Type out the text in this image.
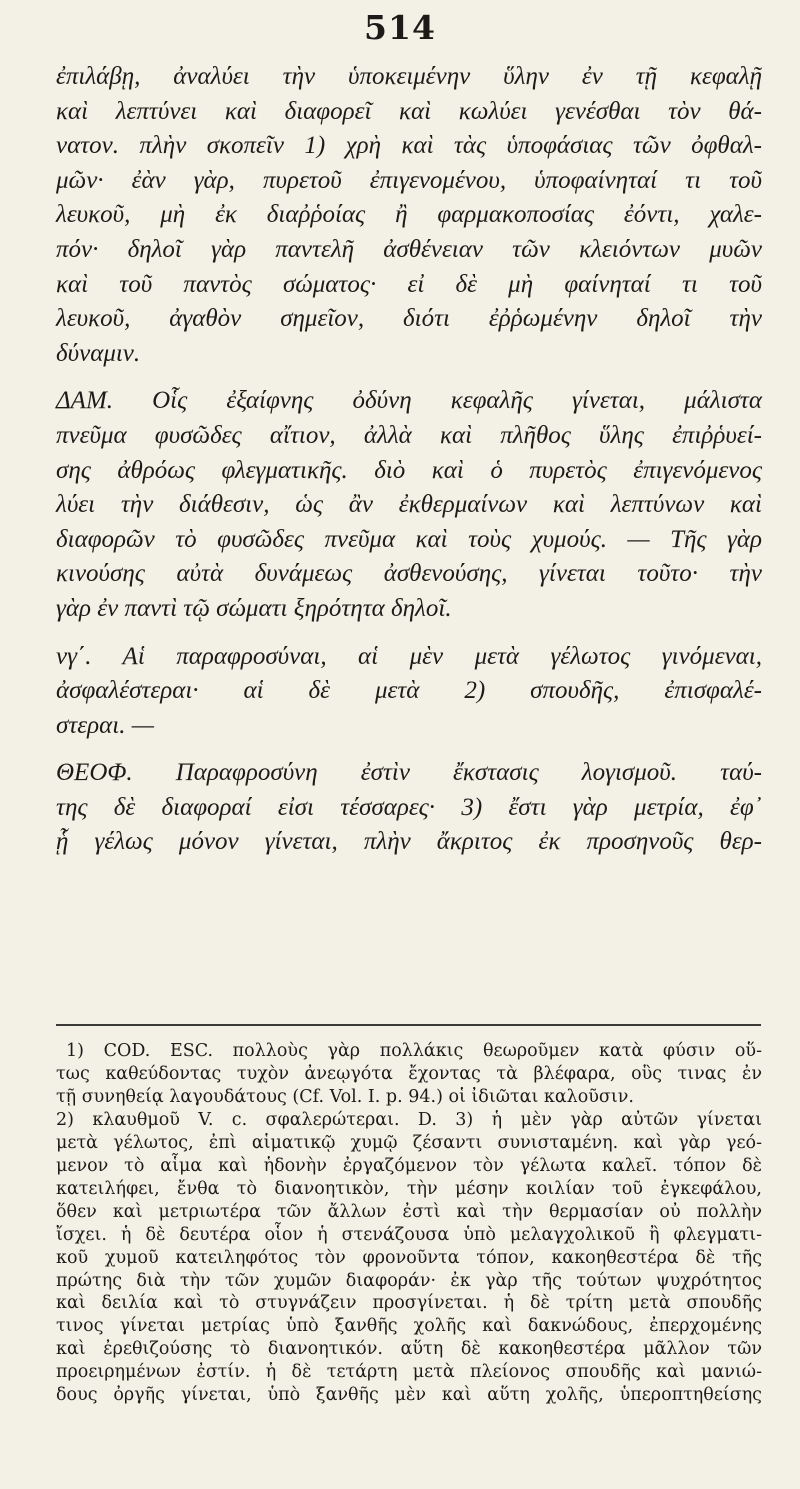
514

ἐπιλάβῃ, ἀναλύει τὴν ὑποκειμένην ὕλην ἐν τῇ κεφαλῇ

καὶ λεπτύνει καὶ διαφορεῖ καὶ κωλύει γενέσθαι τὸν θά-

νατον. πλὴν σκοπεῖν 1) χρὴ καὶ τὰς ὑποφάσιας τῶν ὀφθαλ-

μῶν· ἐὰν γὰρ, πυρετοῦ ἐπιγενομένου, ὑποφαίνηταί τι τοῦ

λευκοῦ, μὴ ἐκ διαῤῥοίας ἢ φαρμακοποσίας ἐόντι, χαλε-

πόν· δηλοῖ γὰρ παντελῆ ἀσθένειαν τῶν κλειόντων μυῶν

καὶ τοῦ παντὸς σώματος· εἰ δὲ μὴ φαίνηταί τι τοῦ

λευκοῦ, ἀγαθὸν σημεῖον, διότι ἐῤῥωμένην δηλοῖ τὴν

δύναμιν.

ΔΑΜ. Οἷς ἐξαίφνης ὀδύνη κεφαλῆς γίνεται, μάλιστα

πνεῦμα φυσῶδες αἴτιον, ἀλλὰ καὶ πλῆθος ὕλης ἐπιῤῥυεί-

σης ἀθρόως φλεγματικῆς. διὸ καὶ ὁ πυρετὸς ἐπιγενόμενος

λύει τὴν διάθεσιν, ὡς ἂν ἐκθερμαίνων καὶ λεπτύνων καὶ

διαφορῶν τὸ φυσῶδες πνεῦμα καὶ τοὺς χυμούς. — Τῆς γὰρ

κινούσης αὐτὰ δυνάμεως ἀσθενούσης, γίνεται τοῦτο· τὴν

γὰρ ἐν παντὶ τῷ σώματι ξηρότητα δηλοῖ.

νγ΄. Αἱ παραφροσύναι, αἱ μὲν μετὰ γέλωτος γινόμεναι,

ἀσφαλέστεραι· αἱ δὲ μετὰ 2) σπουδῆς, ἐπισφαλέ-

στεραι. —

ΘΕΟΦ. Παραφροσύνη ἐστὶν ἔκστασις λογισμοῦ. ταύ-

της δὲ διαφοραί εἰσι τέσσαρες· 3) ἔστι γὰρ μετρία, ἐφ᾿

ᾗ γέλως μόνον γίνεται, πλὴν ἄκριτος ἐκ προσηνοῦς θερ-

1) COD. ESC. πολλοὺς γὰρ πολλάκις θεωροῦμεν κατὰ φύσιν οὕ-

τως καθεύδοντας τυχὸν ἀνεῳγότα ἔχοντας τὰ βλέφαρα, οὓς τινας ἐν

τῇ συνηθείᾳ λαγουδάτους (Cf. Vol. I. p. 94.) οἱ ἰδιῶται καλοῦσιν.

2) κλαυθμοῦ V. c. σφαλερώτεραι. D. 3) ἡ μὲν γὰρ αὐτῶν γίνεται

μετὰ γέλωτος, ἐπὶ αἱματικῷ χυμῷ ζέσαντι συνισταμένη. καὶ γὰρ γεό-

μενον τὸ αἷμα καὶ ἡδονὴν ἐργαζόμενον τὸν γέλωτα καλεῖ. τόπον δὲ

κατειλήφει, ἔνθα τὸ διανοητικὸν, τὴν μέσην κοιλίαν τοῦ ἐγκεφάλου,

ὅθεν καὶ μετριωτέρα τῶν ἄλλων ἐστὶ καὶ τὴν θερμασίαν οὐ πολλὴν

ἴσχει. ἡ δὲ δευτέρα οἷον ἡ στενάζουσα ὑπὸ μελαγχολικοῦ ἢ φλεγματι-

κοῦ χυμοῦ κατειληφότος τὸν φρονοῦντα τόπον, κακοηθεστέρα δὲ τῆς

πρώτης διὰ τὴν τῶν χυμῶν διαφοράν· ἐκ γὰρ τῆς τούτων ψυχρότητος

καὶ δειλία καὶ τὸ στυγνάζειν προσγίνεται. ἡ δὲ τρίτη μετὰ σπουδῆς

τινος γίνεται μετρίας ὑπὸ ξανθῆς χολῆς καὶ δακνώδους, ἐπερχομένης

καὶ ἐρεθιζούσης τὸ διανοητικόν. αὕτη δὲ κακοηθεστέρα μᾶλλον τῶν

προειρημένων ἐστίν. ἡ δὲ τετάρτη μετὰ πλείονος σπουδῆς καὶ μανιώ-

δους ὀργῆς γίνεται, ὑπὸ ξανθῆς μὲν καὶ αὕτη χολῆς, ὑπεροπτηθείσης
